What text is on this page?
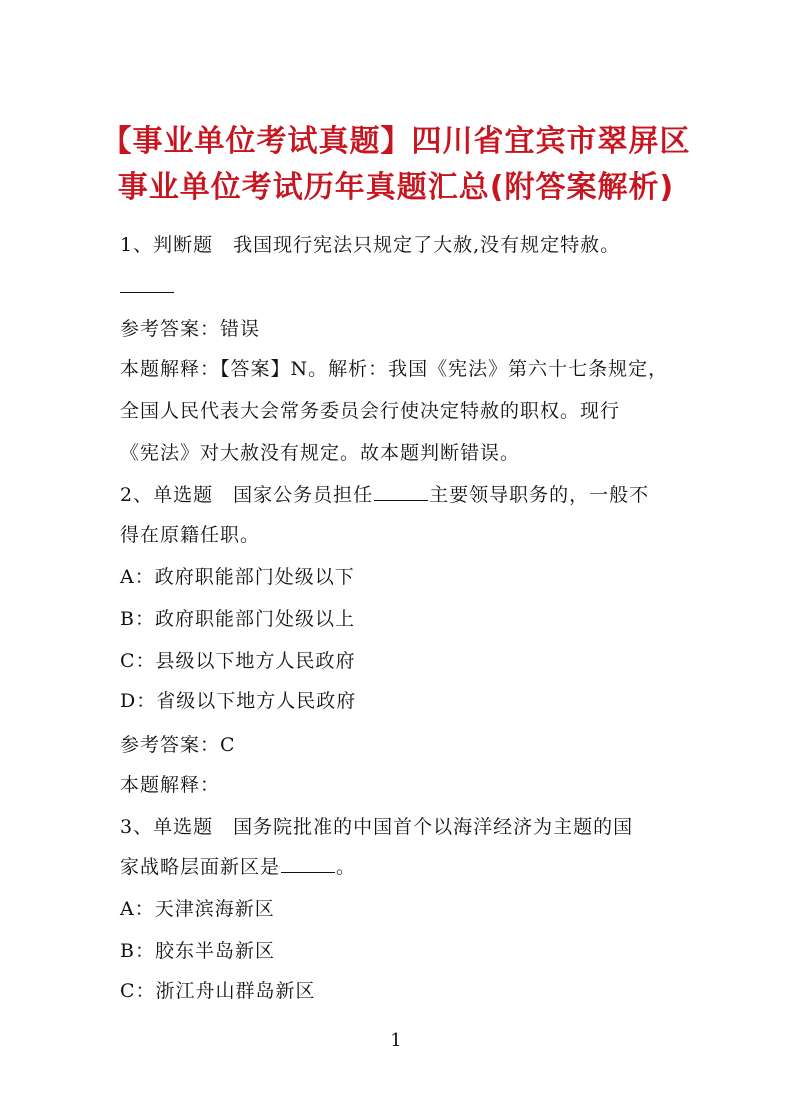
【事业单位考试真题】四川省宜宾市翠屏区
事业单位考试历年真题汇总(附答案解析)
1、判断题　我国现行宪法只规定了大赦,没有规定特赦。
参考答案：错误
本题解释：【答案】N。解析：我国《宪法》第六十七条规定，
全国人民代表大会常务委员会行使决定特赦的职权。现行
《宪法》对大赦没有规定。故本题判断错误。
2、单选题　国家公务员担任	主要领导职务的，一般不
得在原籍任职。
A：政府职能部门处级以下
B：政府职能部门处级以上
C：县级以下地方人民政府
D：省级以下地方人民政府
参考答案：C
本题解释：
3、单选题　国务院批准的中国首个以海洋经济为主题的国
家战略层面新区是	。
A：天津滨海新区
B：胶东半岛新区
C：浙江舟山群岛新区
1
